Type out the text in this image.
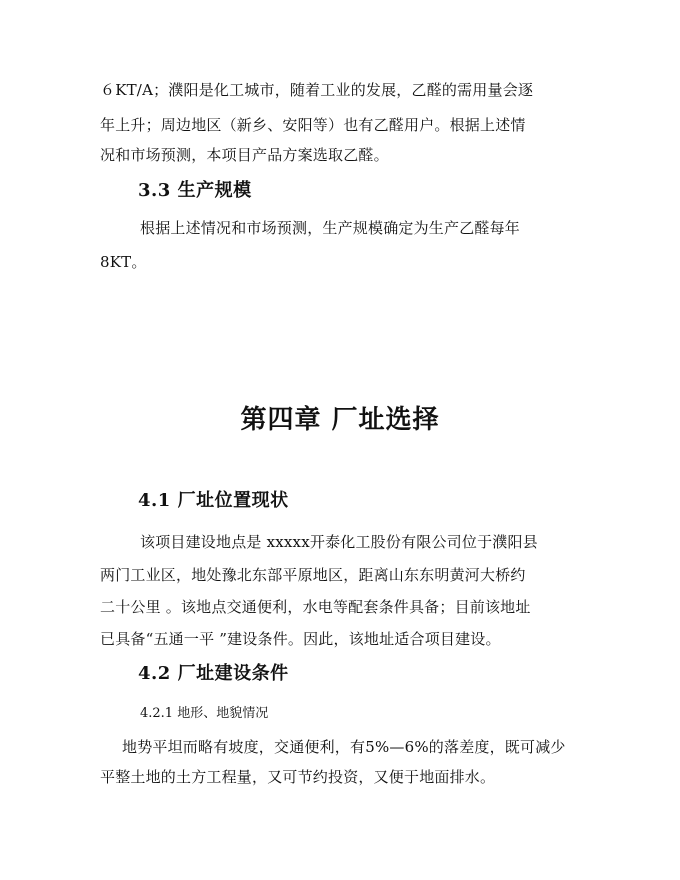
６KT/A；濮阳是化工城市，随着工业的发展，乙醛的需用量会逐
年上升；周边地区（新乡、安阳等）也有乙醛用户。根据上述情
况和市场预测，本项目产品方案选取乙醛。
3.3 生产规模
根据上述情况和市场预测，生产规模确定为生产乙醛每年
8KT。
第四章 厂址选择
4.1 厂址位置现状
该项目建设地点是 xxxxx开泰化工股份有限公司位于濮阳县
两门工业区，地处豫北东部平原地区，距离山东东明黄河大桥约
二十公里 。该地点交通便利，水电等配套条件具备；目前该地址
已具备“五通一平 ”建设条件。因此，该地址适合项目建设。
4.2 厂址建设条件
4.2.1 地形、地貌情况
地势平坦而略有坡度，交通便利，有5%—6%的落差度，既可减少
平整土地的土方工程量，又可节约投资，又便于地面排水。
